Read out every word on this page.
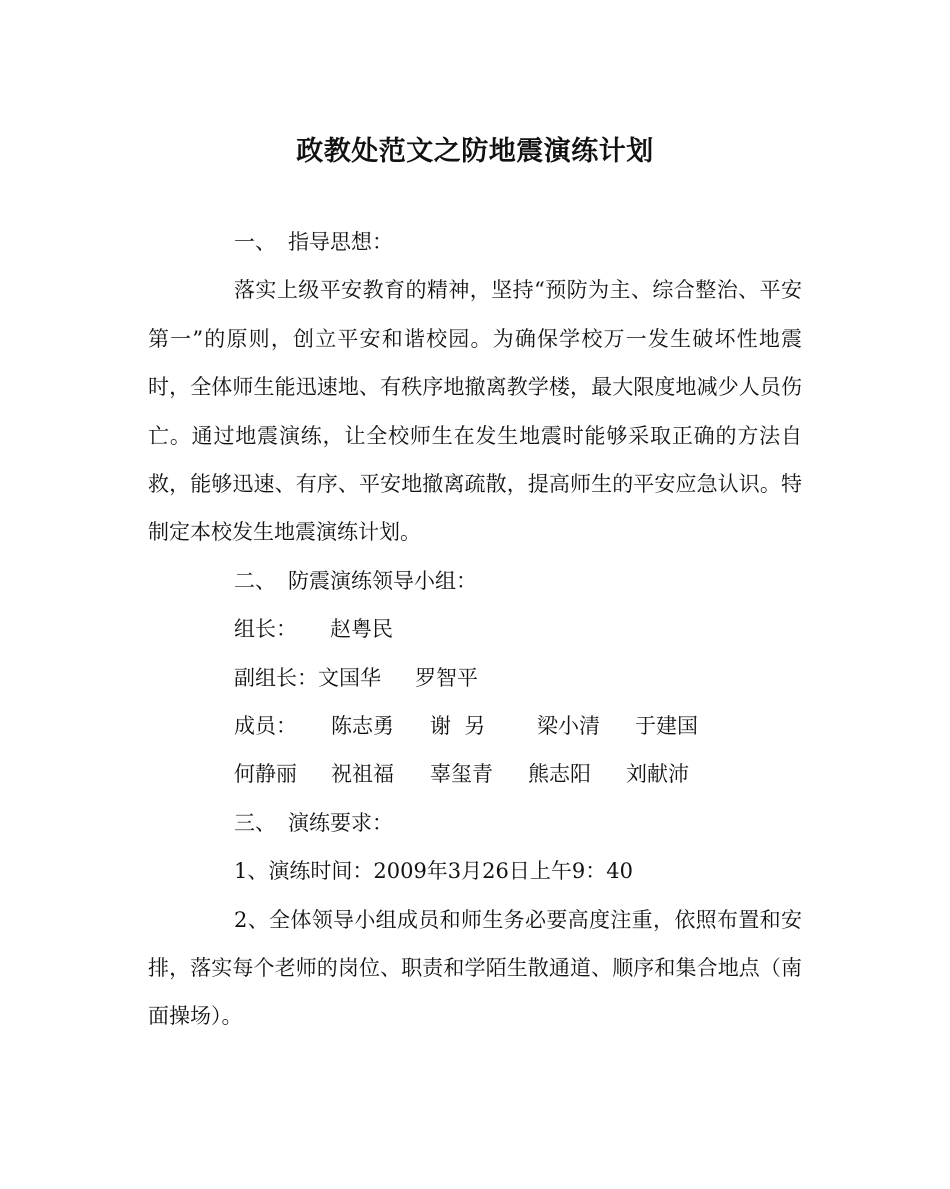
政教处范文之防地震演练计划
一、 指导思想：

落实上级平安教育的精神，坚持“预防为主、综合整治、平安第一”的原则，创立平安和谐校园。为确保学校万一发生破坏性地震时，全体师生能迅速地、有秩序地撤离教学楼，最大限度地减少人员伤亡。通过地震演练，让全校师生在发生地震时能够采取正确的方法自救，能够迅速、有序、平安地撤离疏散，提高师生的平安应急认识。特制定本校发生地震演练计划。

二、 防震演练领导小组：
组长： 赵粤民
副组长：文国华 罗智平
成员： 陈志勇 谢  另 梁小清 于建国
何静丽 祝祖福 辜玺青 熊志阳 刘献沛
三、 演练要求：
1、演练时间：2009年3月26日上午9：40

2、全体领导小组成员和师生务必要高度注重，依照布置和安排，落实每个老师的岗位、职责和学陌生散通道、顺序和集合地点（南面操场）。
